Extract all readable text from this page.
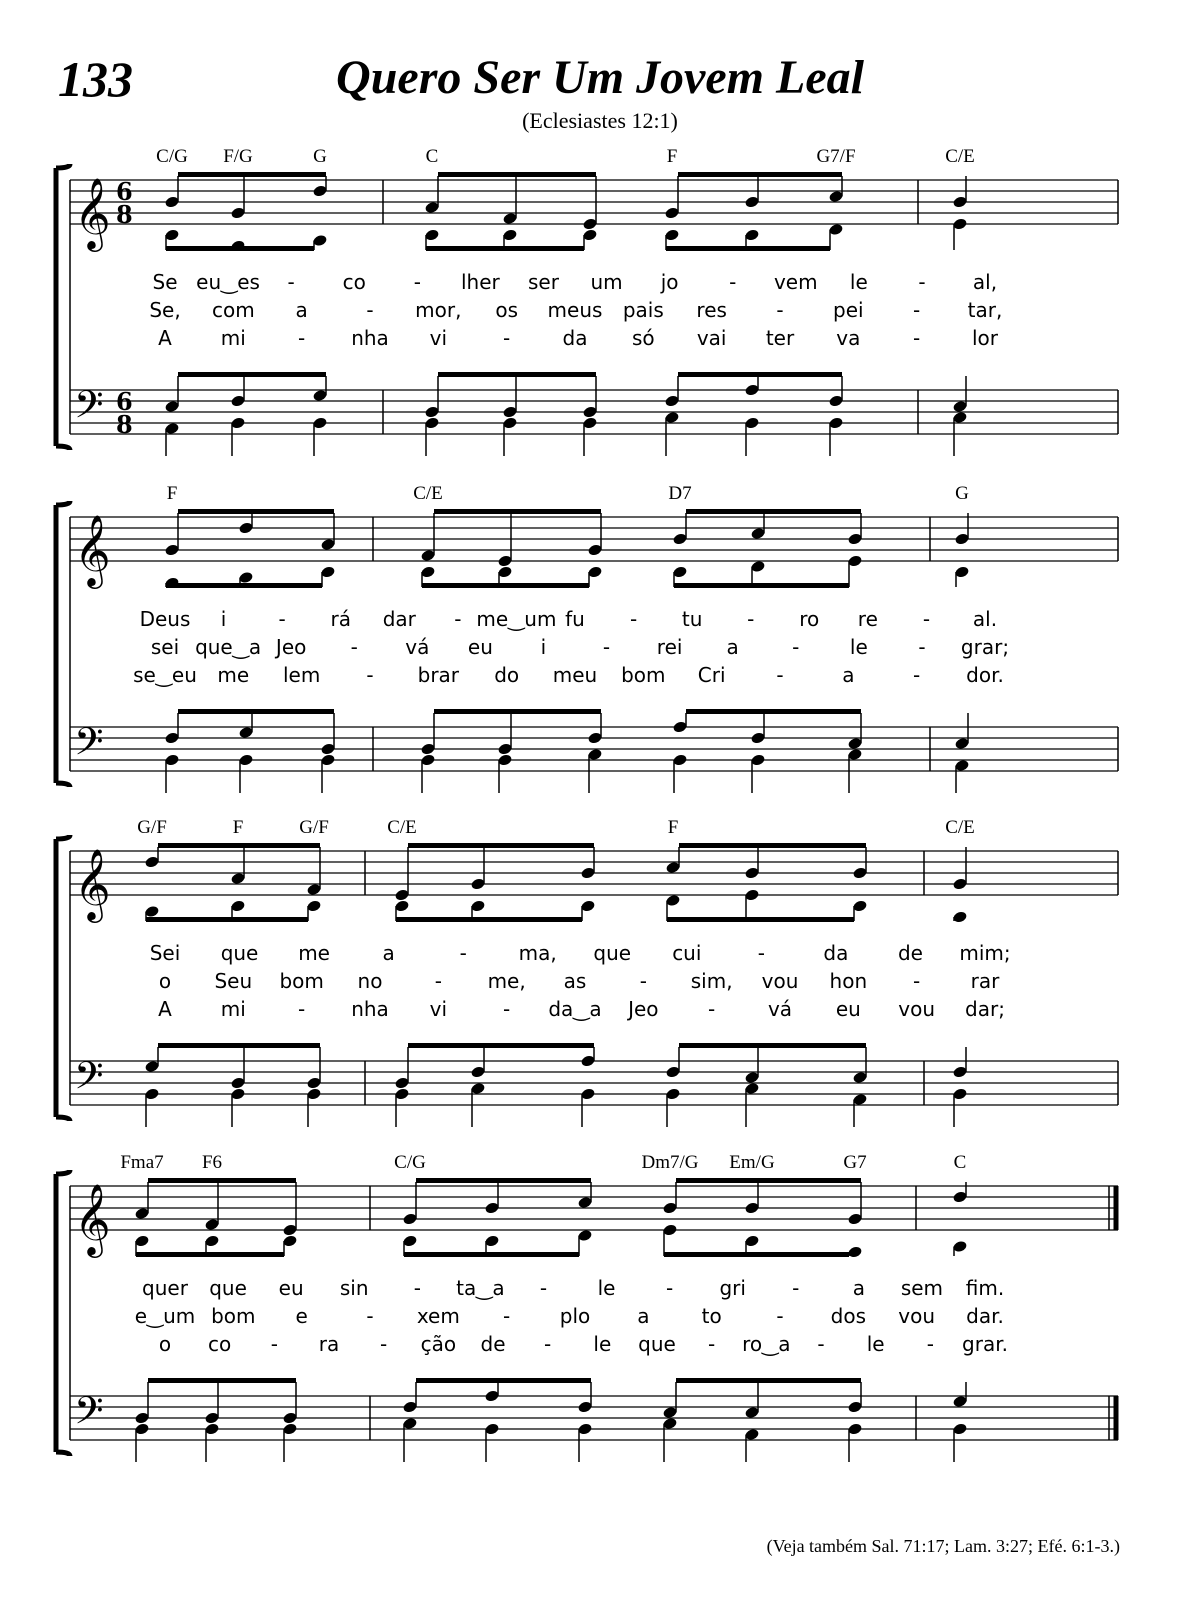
133	Quero Ser Um Jovem Leal
(Eclesiastes 12:1)
𝄞 6
8
𝄢 6
8
C/G F/G	G	C	F	G7/F	C/E
Se eu‿es - co - lher ser um jo	- vem le	- al,
Se, com a	- mor, os meus pais res - pei - tar,
A mi	- nha vi	-	da só vai ter va	-	lor
𝄞
𝄢
F	C/E	D7	G
Deus i	- rá dar - me‿um fu - tu - ro re - al.
sei que‿a Jeo - vá eu i	- rei a	-	le	- grar;
se‿eu me lem - brar do meu bom Cri	-	a	- dor.
𝄞
𝄢
G/F	F	G/F	C/E	F	C/E
Sei que me	a	-	ma, que cui	-	da de mim;
o Seu bom no	- me, as	- sim, vou hon -	rar
A mi	- nha vi	- da‿a Jeo -	vá eu vou dar;
𝄞
𝄢
Fma7 F6	C/G	Dm7/G Em/G	G7	C
quer que eu sin - ta‿a -	le	- gri -	a sem fim.
e‿um bom e	- xem - plo a	to	- dos vou dar.
o co - ra - ção de - le que - ro‿a - le - grar.
(Veja também Sal. 71:17; Lam. 3:27; Efé. 6:1-3.)
